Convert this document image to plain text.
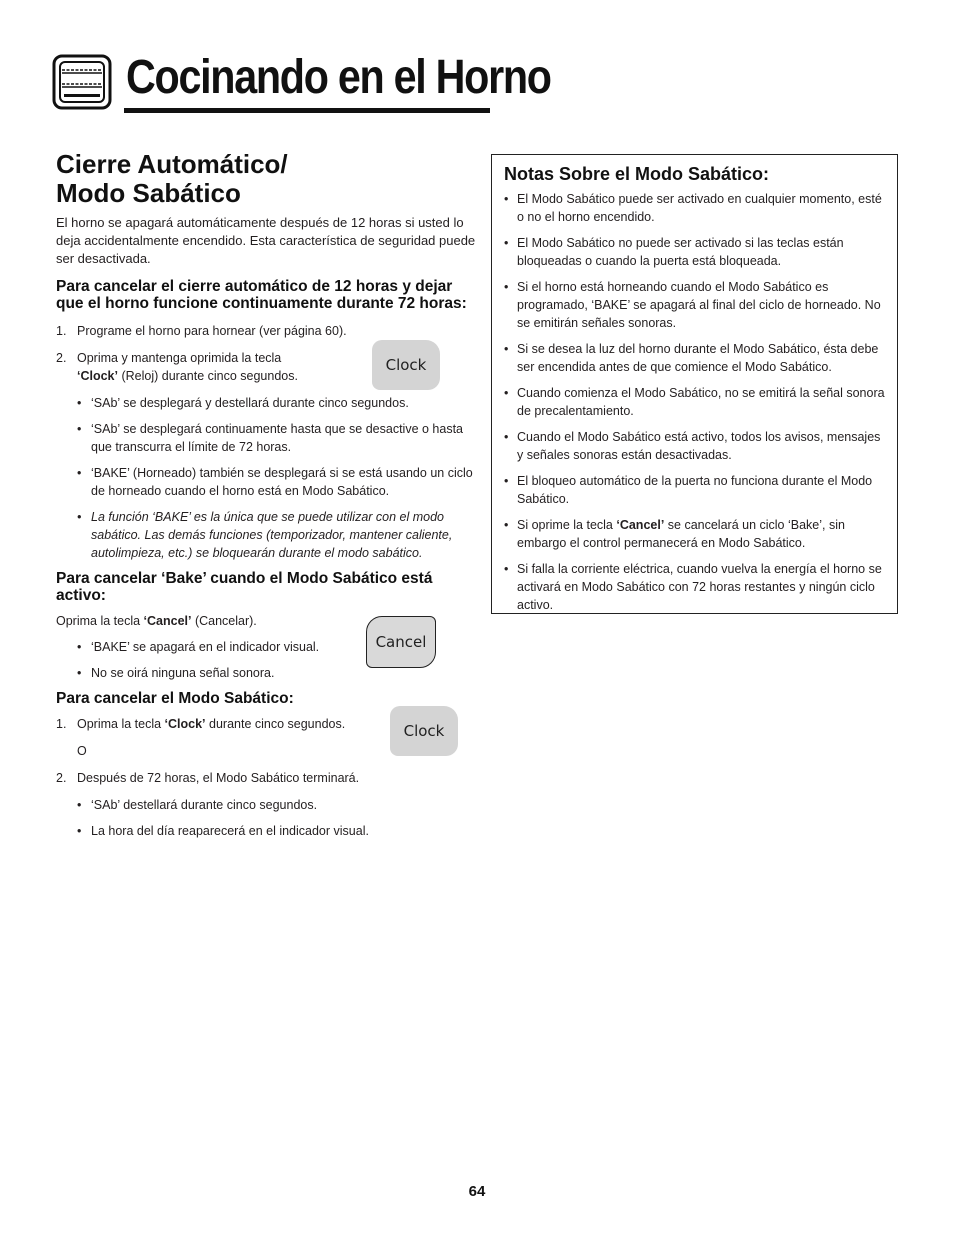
Cocinando en el Horno
Cierre Automático/
Modo Sabático

El horno se apagará automáticamente después de 12 horas si usted lo deja accidentalmente encendido. Esta característica de seguridad puede ser desactivada.

Para cancelar el cierre automático de 12 horas y dejar que el horno funcione continuamente durante 72 horas:
1. Programe el horno para hornear (ver página 60).
2. Oprima y mantenga oprimida la tecla
‘Clock’ (Reloj) durante cinco segundos.
• ‘SAb’ se desplegará y destellará durante cinco segundos.
• ‘SAb’ se desplegará continuamente hasta que se desactive o hasta que transcurra el límite de 72 horas.
• ‘BAKE’ (Horneado) también se desplegará si se está usando un ciclo de horneado cuando el horno está en Modo Sabático.
• La función ‘BAKE’ es la única que se puede utilizar con el modo sabático. Las demás funciones (temporizador, mantener caliente, autolimpieza, etc.) se bloquearán durante el modo sabático.
Para cancelar ‘Bake’ cuando el Modo Sabático está activo:

Oprima la tecla ‘Cancel’ (Cancelar).

• ‘BAKE’ se apagará en el indicador visual.
• No se oirá ninguna señal sonora.
Para cancelar el Modo Sabático:
1. Oprima la tecla ‘Clock’ durante cinco segundos.
O
2. Después de 72 horas, el Modo Sabático terminará.
• ‘SAb’ destellará durante cinco segundos.
• La hora del día reaparecerá en el indicador visual.
Clock
Cancel
Clock
Notas Sobre el Modo Sabático:
• El Modo Sabático puede ser activado en cualquier momento, esté o no el horno encendido.
• El Modo Sabático no puede ser activado si las teclas están bloqueadas o cuando la puerta está bloqueada.
• Si el horno está horneando cuando el Modo Sabático es programado, ‘BAKE’ se apagará al final del ciclo de horneado. No se emitirán señales sonoras.
• Si se desea la luz del horno durante el Modo Sabático, ésta debe ser encendida antes de que comience el Modo Sabático.
• Cuando comienza el Modo Sabático, no se emitirá la señal sonora de precalentamiento.
• Cuando el Modo Sabático está activo, todos los avisos, mensajes y señales sonoras están desactivadas.
• El bloqueo automático de la puerta no funciona durante el Modo Sabático.
• Si oprime la tecla ‘Cancel’ se cancelará un ciclo ‘Bake’, sin embargo el control permanecerá en Modo Sabático.
• Si falla la corriente eléctrica, cuando vuelva la energía el horno se activará en Modo Sabático con 72 horas restantes y ningún ciclo activo.
64
